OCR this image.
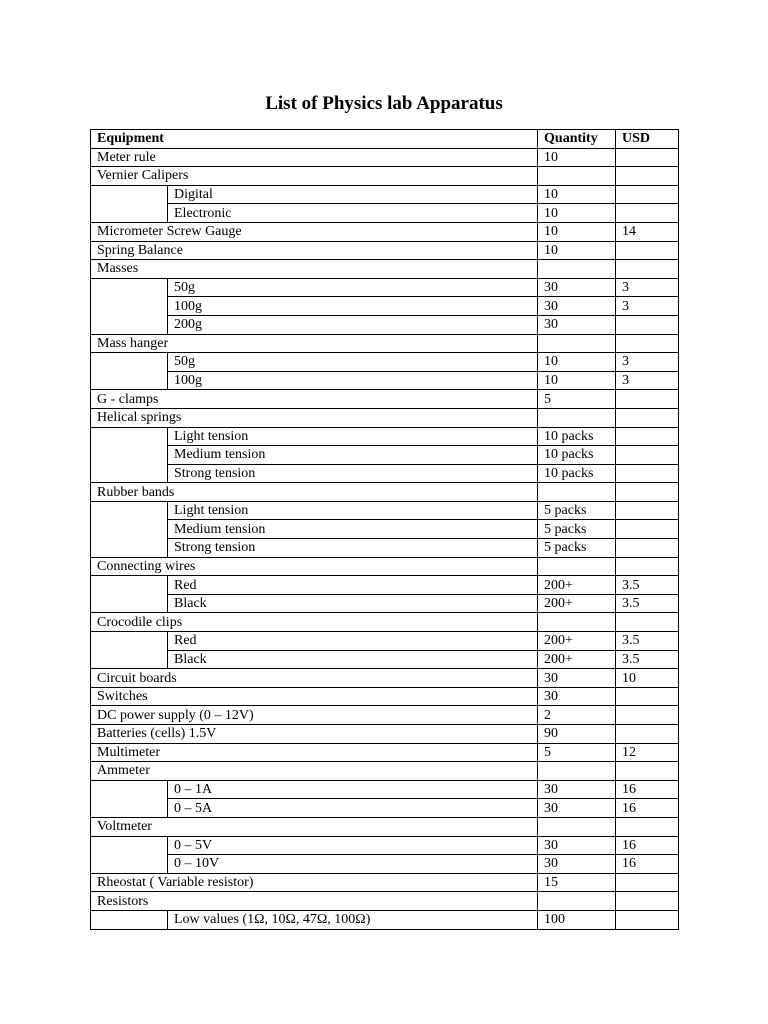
List of Physics lab Apparatus
Equipment		Quantity	USD
Meter rule		10	
Vernier Calipers			
	Digital	10	
	Electronic	10	
Micrometer Screw Gauge		10	14
Spring Balance		10	
Masses			
	50g	30	3
	100g	30	3
	200g	30	
Mass hanger			
	50g	10	3
	100g	10	3
G - clamps		5	
Helical springs			
	Light tension	10 packs	
	Medium tension	10 packs	
	Strong tension	10 packs	
Rubber bands			
	Light tension	5 packs	
	Medium tension	5 packs	
	Strong tension	5 packs	
Connecting wires			
	Red	200+	3.5
	Black	200+	3.5
Crocodile clips			
	Red	200+	3.5
	Black	200+	3.5
Circuit boards		30	10
Switches		30	
DC power supply (0 – 12V)		2	
Batteries (cells) 1.5V		90	
Multimeter		5	12
Ammeter			
	0 – 1A	30	16
	0 – 5A	30	16
Voltmeter			
	0 – 5V	30	16
	0 – 10V	30	16
Rheostat ( Variable resistor)		15	
Resistors			
	Low values (1Ω, 10Ω, 47Ω, 100Ω)	100	
